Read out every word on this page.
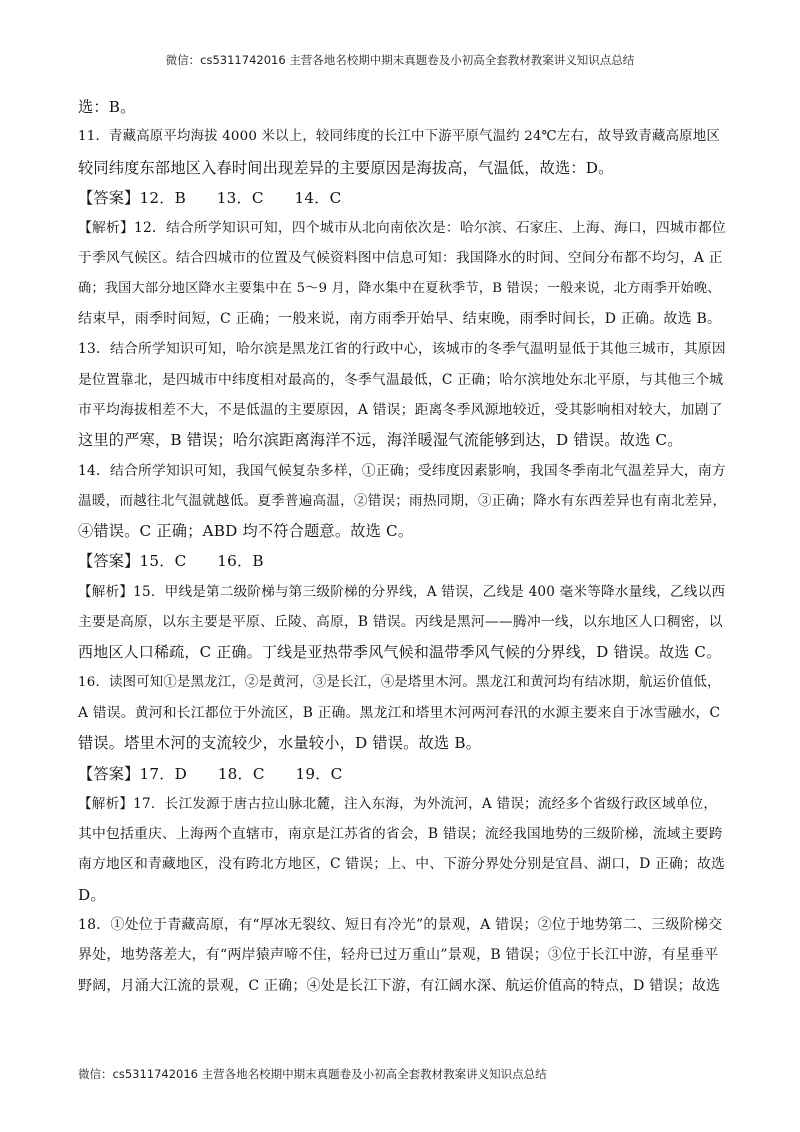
微信：cs5311742016 主营各地名校期中期末真题卷及小初高全套教材教案讲义知识点总结

选：B。

11．青藏高原平均海拔 4000 米以上，较同纬度的长江中下游平原气温约 24℃左右，故导致青藏高原地区

较同纬度东部地区入春时间出现差异的主要原因是海拔高，气温低，故选：D。

【答案】12．B　　13．C　　14．C

【解析】12．结合所学知识可知，四个城市从北向南依次是：哈尔滨、石家庄、上海、海口，四城市都位

于季风气候区。结合四城市的位置及气候资料图中信息可知：我国降水的时间、空间分布都不均匀，A 正

确；我国大部分地区降水主要集中在 5～9 月，降水集中在夏秋季节，B 错误；一般来说，北方雨季开始晚、

结束早，雨季时间短，C 正确；一般来说，南方雨季开始早、结束晚，雨季时间长，D 正确。故选 B。

13．结合所学知识可知，哈尔滨是黑龙江省的行政中心，该城市的冬季气温明显低于其他三城市，其原因

是位置靠北，是四城市中纬度相对最高的，冬季气温最低，C 正确；哈尔滨地处东北平原，与其他三个城

市平均海拔相差不大，不是低温的主要原因，A 错误；距离冬季风源地较近，受其影响相对较大，加剧了

这里的严寒，B 错误；哈尔滨距离海洋不远，海洋暖湿气流能够到达，D 错误。故选 C。

14．结合所学知识可知，我国气候复杂多样，①正确；受纬度因素影响，我国冬季南北气温差异大，南方

温暖，而越往北气温就越低。夏季普遍高温，②错误；雨热同期，③正确；降水有东西差异也有南北差异，

④错误。C 正确；ABD 均不符合题意。故选 C。

【答案】15．C　　16．B

【解析】15．甲线是第二级阶梯与第三级阶梯的分界线，A 错误，乙线是 400 毫米等降水量线，乙线以西

主要是高原，以东主要是平原、丘陵、高原，B 错误。丙线是黑河——腾冲一线，以东地区人口稠密，以

西地区人口稀疏，C 正确。丁线是亚热带季风气候和温带季风气候的分界线，D 错误。故选 C。

16．读图可知①是黑龙江，②是黄河，③是长江，④是塔里木河。黑龙江和黄河均有结冰期，航运价值低，

A 错误。黄河和长江都位于外流区，B 正确。黑龙江和塔里木河两河春汛的水源主要来自于冰雪融水，C

错误。塔里木河的支流较少，水量较小，D 错误。故选 B。

【答案】17．D　　18．C　　19．C

【解析】17．长江发源于唐古拉山脉北麓，注入东海，为外流河，A 错误；流经多个省级行政区域单位，

其中包括重庆、上海两个直辖市，南京是江苏省的省会，B 错误；流经我国地势的三级阶梯，流域主要跨

南方地区和青藏地区，没有跨北方地区，C 错误；上、中、下游分界处分别是宜昌、湖口，D 正确；故选

D。

18．①处位于青藏高原，有“厚冰无裂纹、短日有冷光”的景观，A 错误；②位于地势第二、三级阶梯交

界处，地势落差大，有“两岸猿声啼不住，轻舟已过万重山”景观，B 错误；③位于长江中游，有星垂平

野阔，月涌大江流的景观，C 正确；④处是长江下游，有江阔水深、航运价值高的特点，D 错误；故选

微信：cs5311742016 主营各地名校期中期末真题卷及小初高全套教材教案讲义知识点总结
